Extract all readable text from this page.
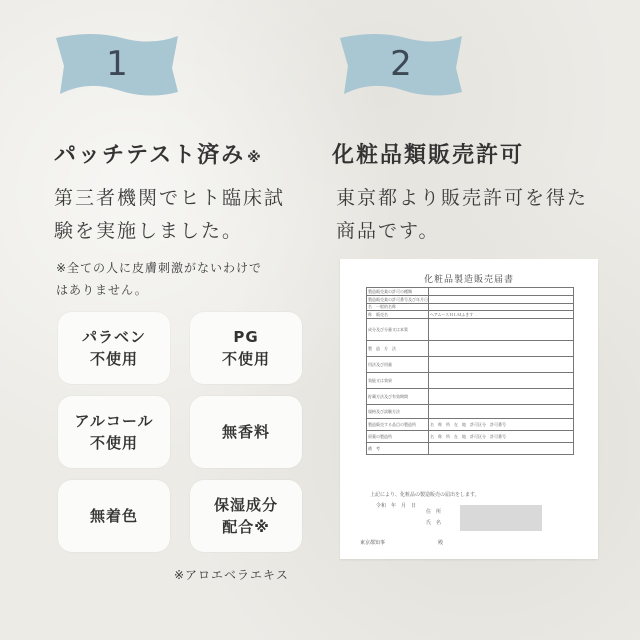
1	2
パッチテスト済み ※
第三者機関でヒト臨床試
験を実施しました。
※全ての人に皮膚刺激がないわけで
はありません。
パラベン
不使用
PG
不使用
アルコール
不使用
無香料
無着色
保湿成分
配合※
※アロエベラエキス
化粧品類販売許可
東京都より販売許可を得た
商品です。
化粧品製造販売届書
製造販売業の許可の種類	
製造販売業の許可番号及び年月日	
名　一般的名称	
称　販売名	ヘアムースＨＬＭふきす
成分及び分量又は本質	
製　造　方　法	
用法及び用量	
効能又は効果	
貯蔵方法及び有効期間	
規格及び試験方法	
製造販売する品目の製造所	名　称　所　在　地　許可区分　許可番号
原薬の製造所	名　称　所　在　地　許可区分　許可番号
備　考	
上記により、化粧品の製造販売の届出をします。
令和　年　月　日
住　所
氏　名
東京都知事	殿
